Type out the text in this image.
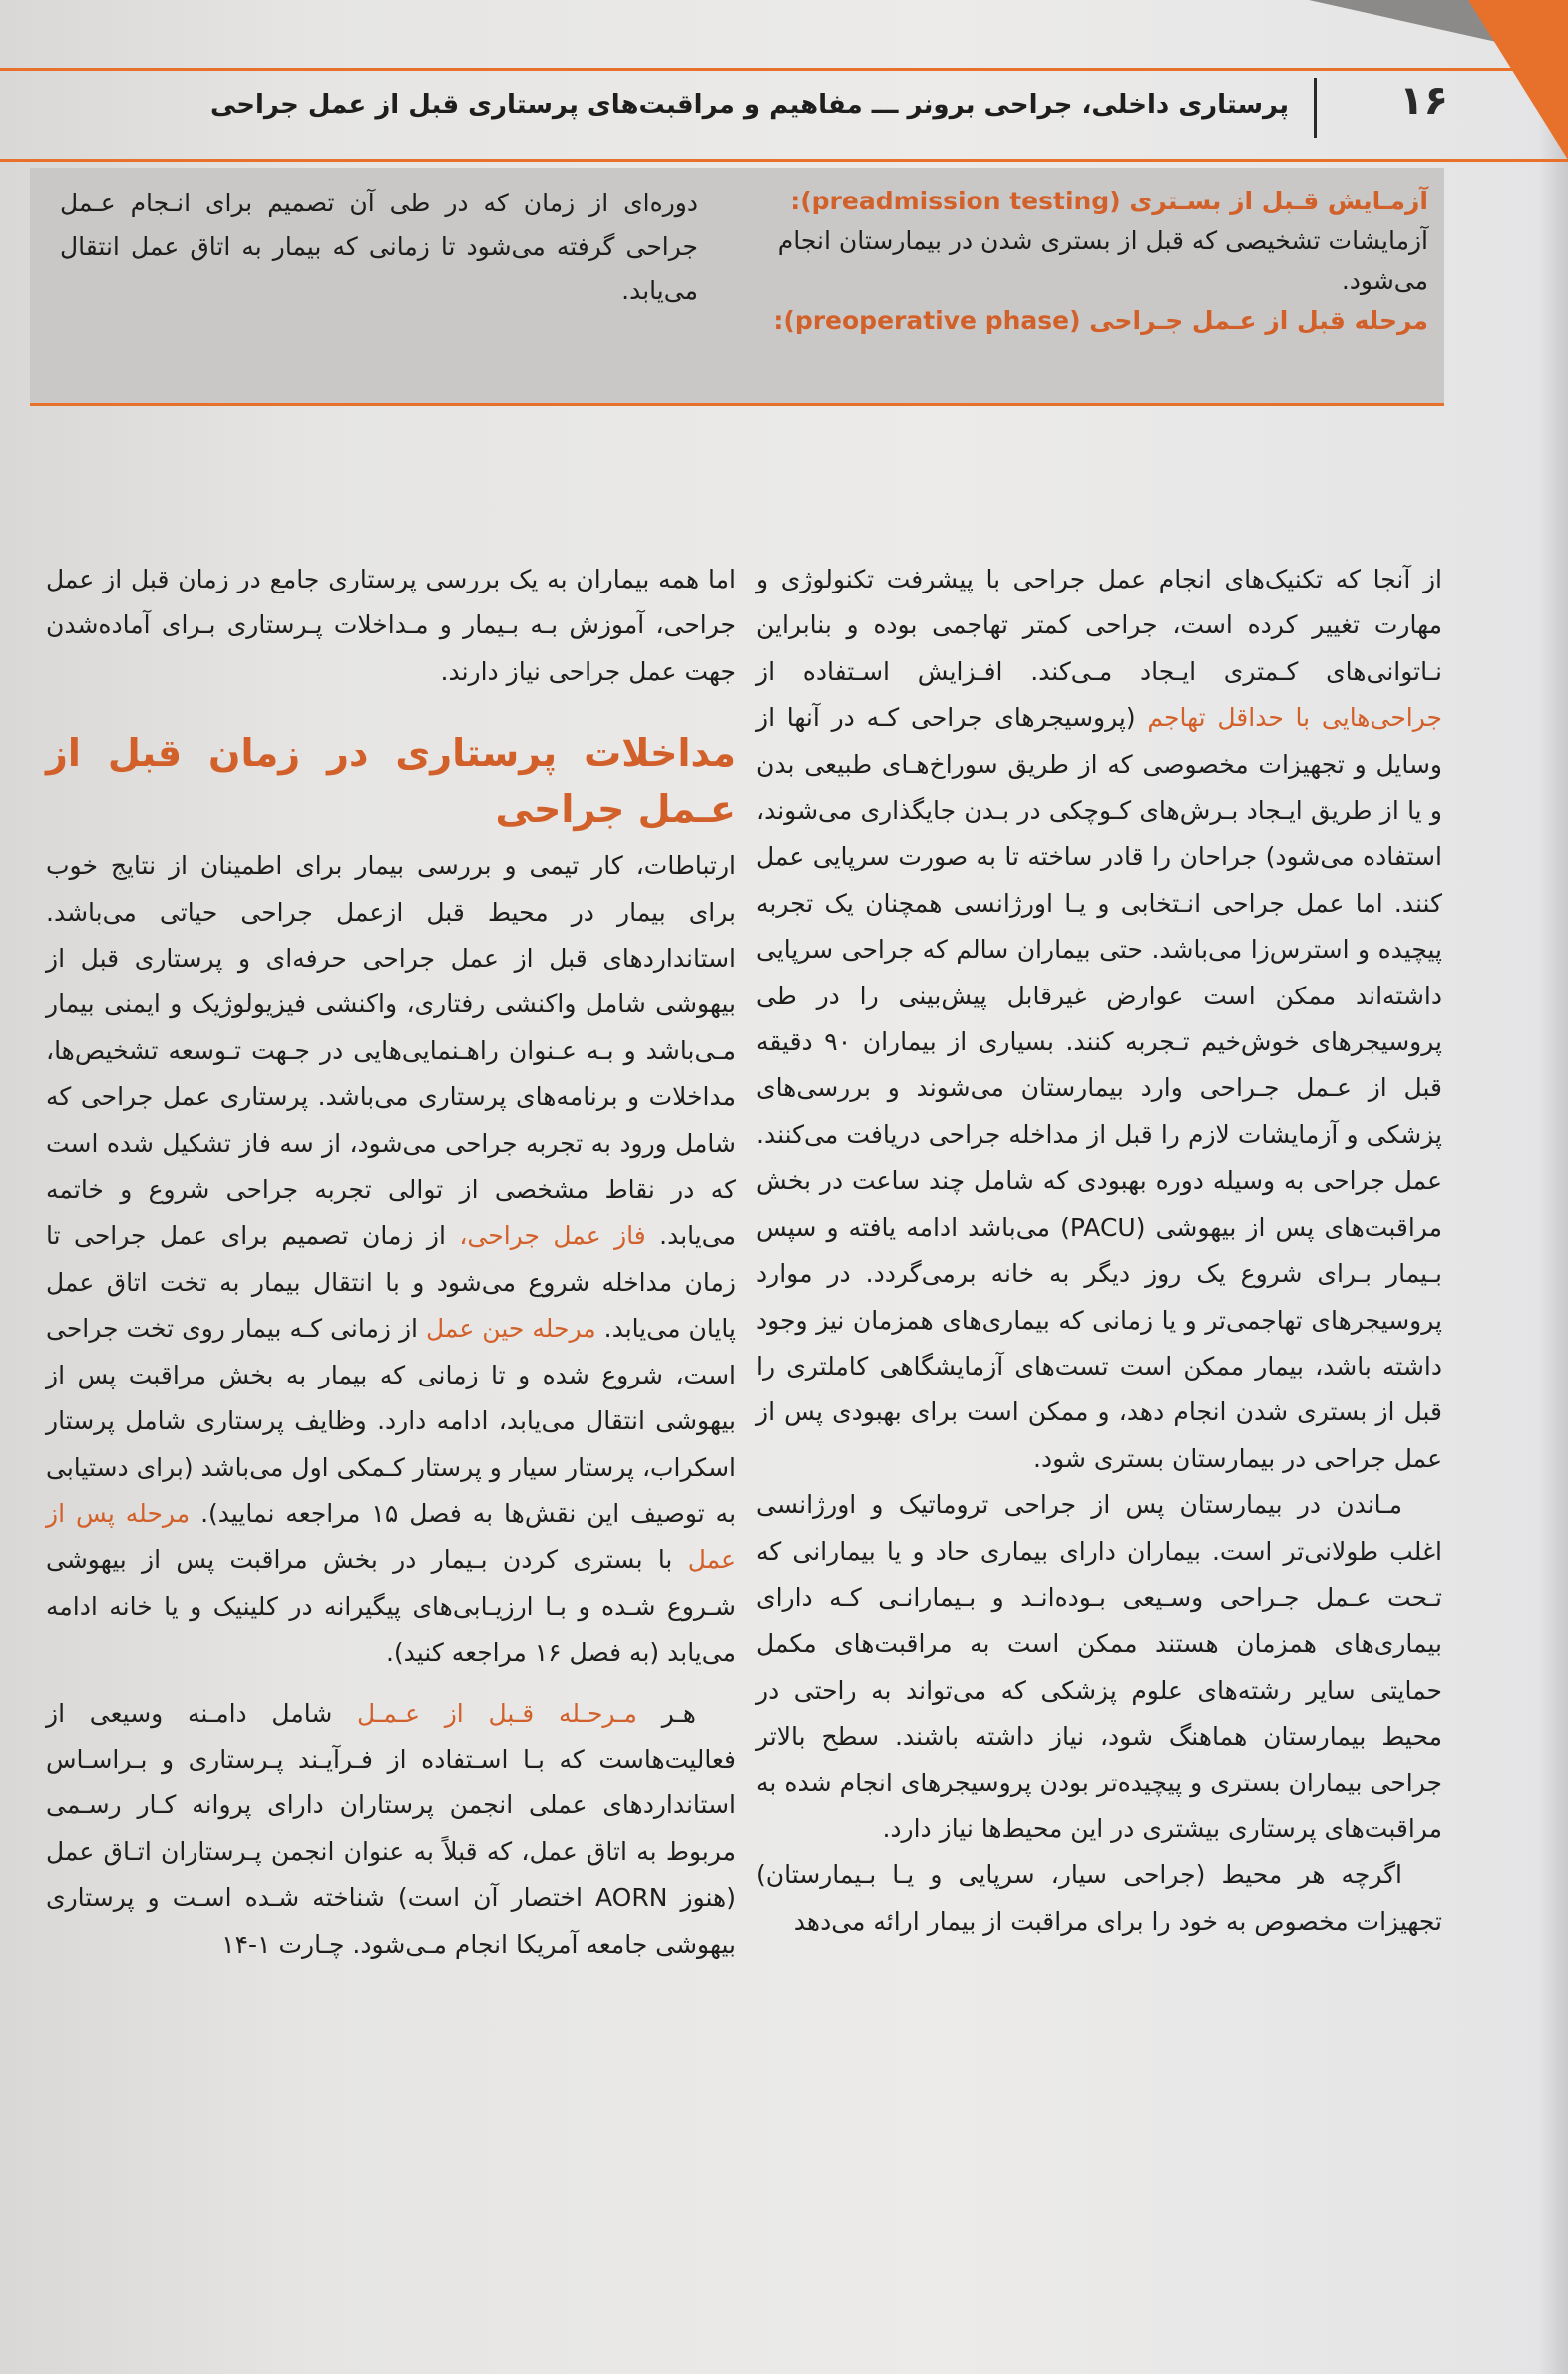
۱۶
پرستاری داخلی، جراحی برونر ـــ مفاهیم و مراقبت‌های پرستاری قبل از عمل جراحی
آزمـایش قـبل از بسـتری (preadmission testing):
آزمایشات تشخیصی که قبل از بستری شدن در بیمارستان انجام می‌شود.
مرحله قبل از عـمل جـراحی (preoperative phase):
دوره‌ای از زمان که در طی آن تصمیم برای انـجام عـمل جراحی گرفته می‌شود تا زمانی که بیمار به اتاق عمل انتقال می‌یابد.

از آنجا که تکنیک‌های انجام عمل جراحی با پیشرفت تکنولوژی و مهارت تغییر کرده است، جراحی کمتر تهاجمی بوده و بنابراین نـاتوانی‌های کـمتری ایـجاد مـی‌کند. افـزایش اسـتفاده از جراحی‌هایی با حداقل تهاجم (پروسیجرهای جراحی کـه در آنها از وسایل و تجهیزات مخصوصی که از طریق سوراخ‌هـای طبیعی بدن و یا از طریق ایـجاد بـرش‌های کـوچکی در بـدن جایگذاری می‌شوند، استفاده می‌شود) جراحان را قادر ساخته تا به صورت سرپایی عمل کنند. اما عمل جراحی انـتخابی و یـا اورژانسی همچنان یک تجربه پیچیده و استرس‌زا می‌باشد. حتی بیماران سالم که جراحی سرپایی داشته‌اند ممکن است عوارض غیرقابل پیش‌بینی را در طی پروسیجرهای خوش‌خیم تـجربه کنند. بسیاری از بیماران ۹۰ دقیقه قبل از عـمل جـراحی وارد بیمارستان می‌شوند و بررسی‌های پزشکی و آزمایشات لازم را قبل از مداخله جراحی دریافت می‌کنند. عمل جراحی به وسیله دوره بهبودی که شامل چند ساعت در بخش مراقبت‌های پس از بیهوشی (PACU) می‌باشد ادامه یافته و سپس بـیمار بـرای شروع یک روز دیگر به خانه برمی‌گردد. در موارد پروسیجرهای تهاجمی‌تر و یا زمانی که بیماری‌های همزمان نیز وجود داشته باشد، بیمار ممکن است تست‌های آزمایشگاهی کاملتری را قبل از بستری شدن انجام دهد، و ممکن است برای بهبودی پس از عمل جراحی در بیمارستان بستری شود.

مـاندن در بیمارستان پس از جراحی تروماتیک و اورژانسی اغلب طولانی‌تر است. بیماران دارای بیماری حاد و یا بیمارانی که تـحت عـمل جـراحی وسـیعی بـوده‌انـد و بـیمارانـی کـه دارای بیماری‌های همزمان هستند ممکن است به مراقبت‌های مکمل حمایتی سایر رشته‌های علوم پزشکی که می‌تواند به راحتی در محیط بیمارستان هماهنگ شود، نیاز داشته باشند. سطح بالاتر جراحی بیماران بستری و پیچیده‌تر بودن پروسیجرهای انجام شده به مراقبت‌های پرستاری بیشتری در این محیط‌ها نیاز دارد.

اگرچه هر محیط (جراحی سیار، سرپایی و یـا بـیمارستان) تجهیزات مخصوص به خود را برای مراقبت از بیمار ارائه می‌دهد

اما همه بیماران به یک بررسی پرستاری جامع در زمان قبل از عمل جراحی، آموزش بـه بـیمار و مـداخلات پـرستاری بـرای آماده‌شدن جهت عمل جراحی نیاز دارند.

مداخلات پرستاری در زمان قبل از عـمل جراحی

ارتباطات، کار تیمی و بررسی بیمار برای اطمینان از نتایج خوب برای بیمار در محیط قبل ازعمل جراحی حیاتی می‌باشد. استانداردهای قبل از عمل جراحی حرفه‌ای و پرستاری قبل از بیهوشی شامل واکنشی رفتاری، واکنشی فیزیولوژیک و ایمنی بیمار مـی‌باشد و بـه عـنوان راهـنمایی‌هایی در جـهت تـوسعه تشخیص‌ها، مداخلات و برنامه‌های پرستاری می‌باشد. پرستاری عمل جراحی که شامل ورود به تجربه جراحی می‌شود، از سه فاز تشکیل شده است که در نقاط مشخصی از توالی تجربه جراحی شروع و خاتمه می‌یابد. فاز عمل جراحی، از زمان تصمیم برای عمل جراحی تا زمان مداخله شروع می‌شود و با انتقال بیمار به تخت اتاق عمل پایان می‌یابد. مرحله حین عمل از زمانی کـه بیمار روی تخت جراحی است، شروع شده و تا زمانی که بیمار به بخش مراقبت پس از بیهوشی انتقال می‌یابد، ادامه دارد. وظایف پرستاری شامل پرستار اسکراب، پرستار سیار و پرستار کـمکی اول می‌باشد (برای دستیابی به توصیف این نقش‌ها به فصل ۱۵ مراجعه نمایید). مرحله پس از عمل با بستری کردن بـیمار در بخش مراقبت پس از بیهوشی شـروع شـده و بـا ارزیـابی‌های پیگیرانه در کلینیک و یا خانه ادامه می‌یابد (به فصل ۱۶ مراجعه کنید).

هـر مـرحـله قـبل از عـمـل شامل دامـنه وسیعی از فعالیت‌هاست که بـا اسـتفاده از فـرآیـند پـرستاری و بـراسـاس استانداردهای عملی انجمن پرستاران دارای پروانه کـار رسـمی مربوط به اتاق عمل، که قبلاً به عنوان انجمن پـرستاران اتـاق عمل (هنوز AORN اختصار آن است) شناخته شـده اسـت و پرستاری بیهوشی جامعه آمریکا انجام مـی‌شود. چـارت ۱-۱۴
